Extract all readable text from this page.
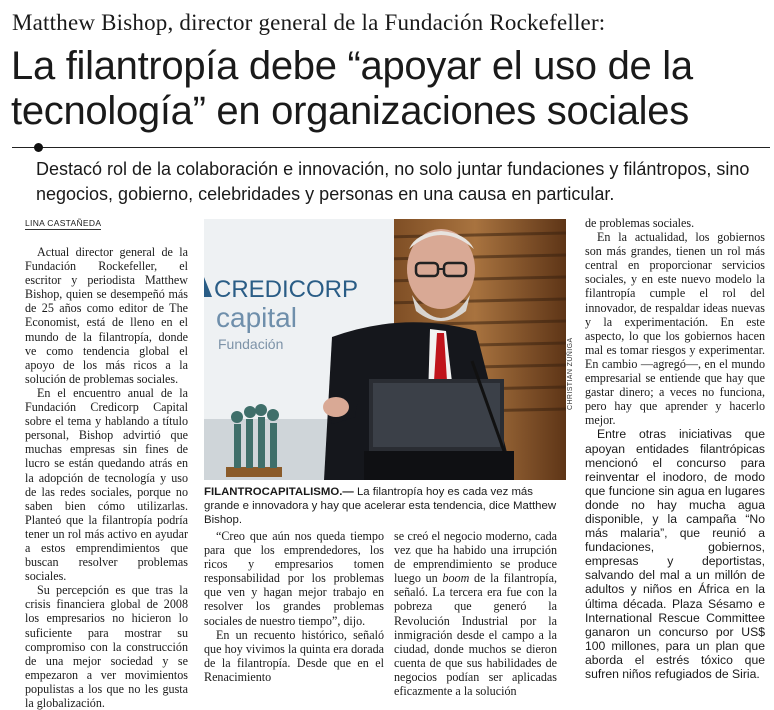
Matthew Bishop, director general de la Fundación Rockefeller:
La filantropía debe “apoyar el uso de la tecnología” en organizaciones sociales
Destacó rol de la colaboración e innovación, no solo juntar fundaciones y filántropos, sino negocios, gobierno, celebridades y personas en una causa en particular.
LINA CASTAÑEDA

Actual director general de la Fundación Rockefeller, el escritor y periodista Matthew Bishop, quien se desempeñó más de 25 años como editor de The Economist, está de lleno en el mundo de la filantropía, donde ve como tendencia global el apoyo de los más ricos a la solución de problemas sociales.

En el encuentro anual de la Fundación Credicorp Capital sobre el tema y hablando a título personal, Bishop advirtió que muchas empresas sin fines de lucro se están quedando atrás en la adopción de tecnología y uso de las redes sociales, porque no saben bien cómo utilizarlas. Planteó que la filantropía podría tener un rol más activo en ayudar a estos emprendimientos que buscan resolver problemas sociales.

Su percepción es que tras la crisis financiera global de 2008 los empresarios no hicieron lo suficiente para mostrar su compromiso con la construcción de una mejor sociedad y se empezaron a ver movimientos populistas a los que no les gusta la globalización.

CREDICORP
capital
Fundación	CHRISTIAN ZÚÑIGA
FILANTROCAPITALISMO.— La filantropía hoy es cada vez más grande e innovadora y hay que acelerar esta tendencia, dice Matthew Bishop.

“Creo que aún nos queda tiempo para que los emprendedores, los ricos y empresarios tomen responsabilidad por los problemas que ven y hagan mejor trabajo en resolver los grandes problemas sociales de nuestro tiempo”, dijo.

En un recuento histórico, señaló que hoy vivimos la quinta era dorada de la filantropía. Desde que en el Renacimiento

se creó el negocio moderno, cada vez que ha habido una irrupción de emprendimiento se produce luego un boom de la filantropía, señaló. La tercera era fue con la pobreza que generó la Revolución Industrial por la inmigración desde el campo a la ciudad, donde muchos se dieron cuenta de que sus habilidades de negocios podían ser aplicadas eficazmente a la solución

de problemas sociales.

En la actualidad, los gobiernos son más grandes, tienen un rol más central en proporcionar servicios sociales, y en este nuevo modelo la filantropía cumple el rol del innovador, de respaldar ideas nuevas y la experimentación. En este aspecto, lo que los gobiernos hacen mal es tomar riesgos y experimentar. En cambio —agregó—, en el mundo empresarial se entiende que hay que gastar dinero; a veces no funciona, pero hay que aprender y hacerlo mejor.

Entre otras iniciativas que apoyan entidades filantrópicas mencionó el concurso para reinventar el inodoro, de modo que funcione sin agua en lugares donde no hay mucha agua disponible, y la campaña “No más malaria”, que reunió a fundaciones, gobiernos, empresas y deportistas, salvando del mal a un millón de adultos y niños en África en la última década. Plaza Sésamo e International Rescue Committee ganaron un concurso por US$ 100 millones, para un plan que aborda el estrés tóxico que sufren niños refugiados de Siria.
